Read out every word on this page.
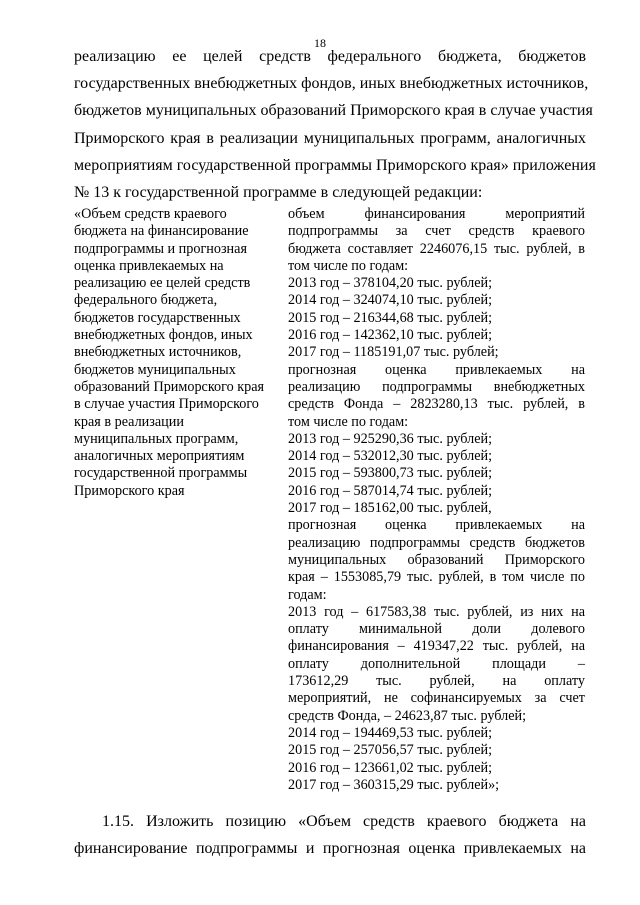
18
реализацию ее целей средств федерального бюджета, бюджетов
государственных внебюджетных фондов, иных внебюджетных источников,
бюджетов муниципальных образований Приморского края в случае участия
Приморского края в реализации муниципальных программ, аналогичных
мероприятиям государственной программы Приморского края» приложения
№ 13 к государственной программе в следующей редакции:
«Объем средств краевого
бюджета на финансирование
подпрограммы и прогнозная
оценка привлекаемых на
реализацию ее целей средств
федерального бюджета,
бюджетов государственных
внебюджетных фондов, иных
внебюджетных источников,
бюджетов муниципальных
образований Приморского края
в случае участия Приморского
края в реализации
муниципальных программ,
аналогичных мероприятиям
государственной программы
Приморского края
объем финансирования мероприятий
подпрограммы за счет средств краевого
бюджета составляет 2246076,15 тыс. рублей, в
том числе по годам:
2013 год – 378104,20 тыс. рублей;
2014 год – 324074,10 тыс. рублей;
2015 год – 216344,68 тыс. рублей;
2016 год – 142362,10 тыс. рублей;
2017 год – 1185191,07 тыс. рублей;
прогнозная оценка привлекаемых на
реализацию подпрограммы внебюджетных
средств Фонда – 2823280,13 тыс. рублей, в
том числе по годам:
2013 год – 925290,36 тыс. рублей;
2014 год – 532012,30 тыс. рублей;
2015 год – 593800,73 тыс. рублей;
2016 год – 587014,74 тыс. рублей;
2017 год – 185162,00 тыс. рублей,
прогнозная оценка привлекаемых на
реализацию подпрограммы средств бюджетов
муниципальных образований Приморского
края – 1553085,79 тыс. рублей, в том числе по
годам:
2013 год – 617583,38 тыс. рублей, из них на
оплату минимальной доли долевого
финансирования – 419347,22 тыс. рублей, на
оплату дополнительной площади –
173612,29 тыс. рублей, на оплату
мероприятий, не софинансируемых за счет
средств Фонда, – 24623,87 тыс. рублей;
2014 год – 194469,53 тыс. рублей;
2015 год – 257056,57 тыс. рублей;
2016 год – 123661,02 тыс. рублей;
2017 год – 360315,29 тыс. рублей»;
1.15. Изложить позицию «Объем средств краевого бюджета на
финансирование подпрограммы и прогнозная оценка привлекаемых на
